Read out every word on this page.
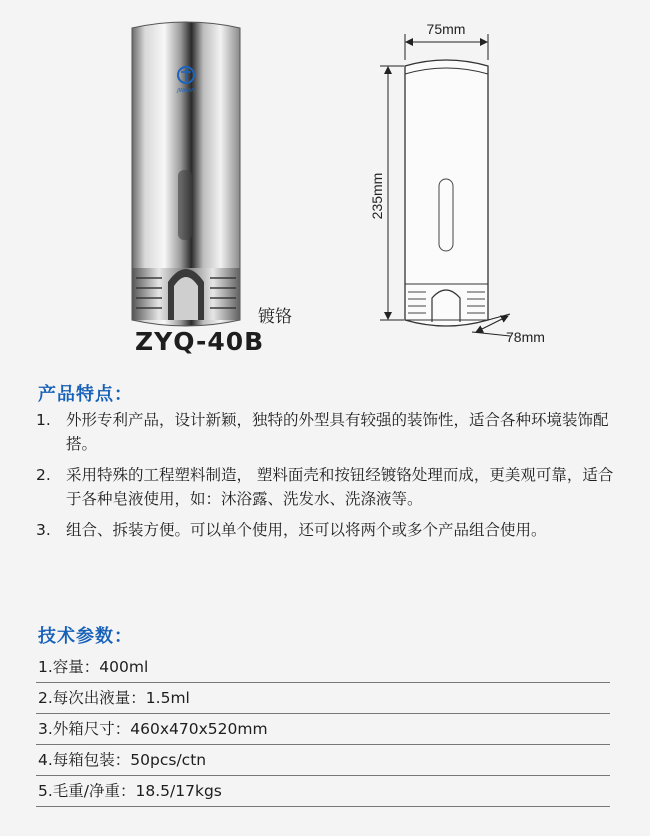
JINHAN
镀铬
ZYQ-40B
75mm
235mm
78mm
产品特点：
1. 外形专利产品，设计新颖，独特的外型具有较强的装饰性，适合各种环境装饰配搭。
2. 采用特殊的工程塑料制造， 塑料面壳和按钮经镀铬处理而成，更美观可靠，适合于各种皂液使用，如：沐浴露、洗发水、洗涤液等。
3. 组合、拆装方便。可以单个使用，还可以将两个或多个产品组合使用。
技术参数：
1.容量：400ml
2.每次出液量：1.5ml
3.外箱尺寸：460x470x520mm
4.每箱包装：50pcs/ctn
5.毛重/净重：18.5/17kgs
